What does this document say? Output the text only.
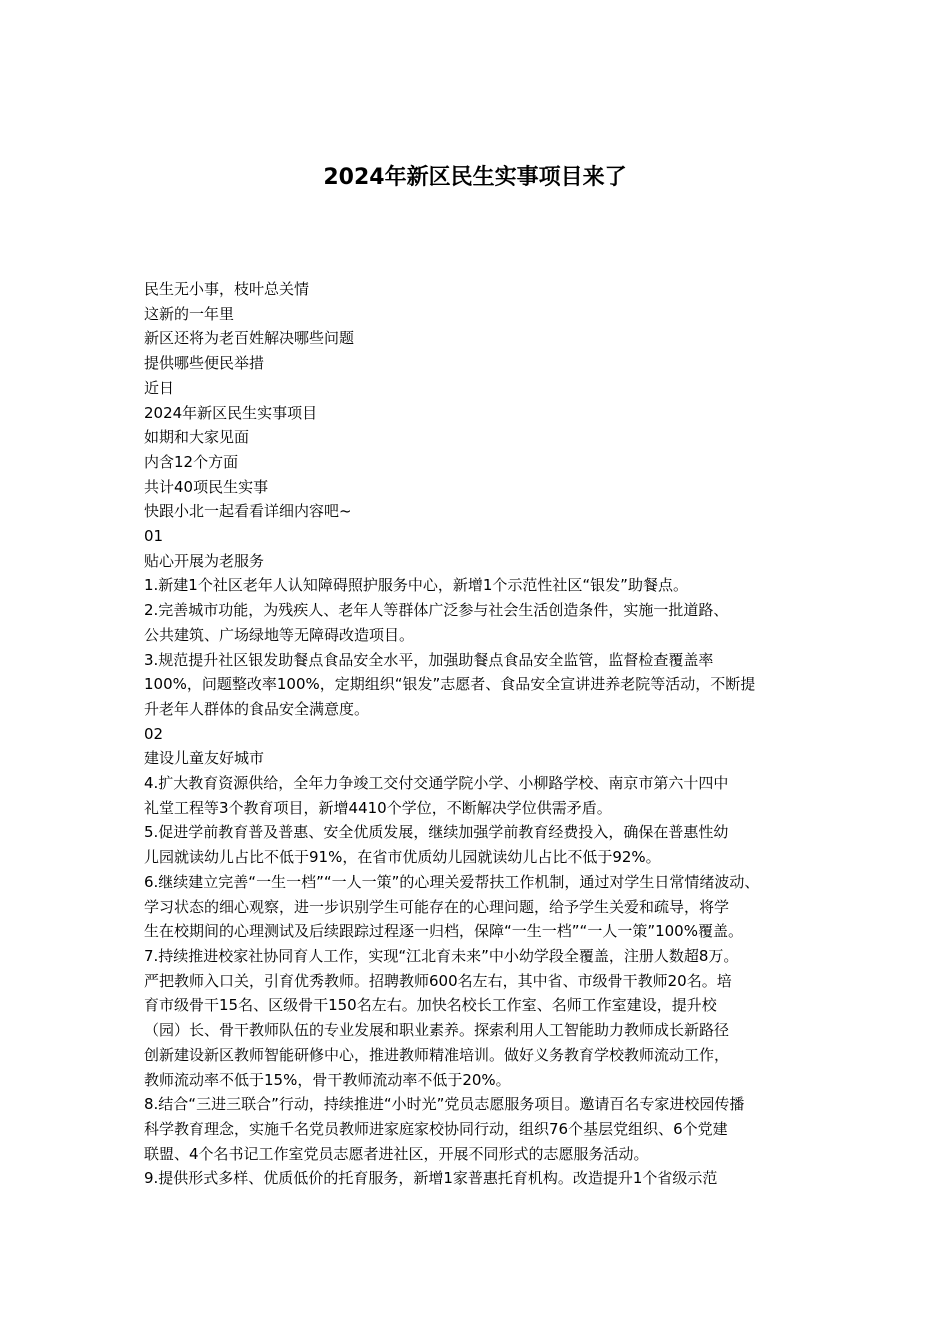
2024年新区民生实事项目来了
民生无小事，枝叶总关情
这新的一年里
新区还将为老百姓解决哪些问题
提供哪些便民举措
近日
2024年新区民生实事项目
如期和大家见面
内含12个方面
共计40项民生实事
快跟小北一起看看详细内容吧~
01
贴心开展为老服务
1.新建1个社区老年人认知障碍照护服务中心，新增1个示范性社区“银发”助餐点。
2.完善城市功能，为残疾人、老年人等群体广泛参与社会生活创造条件，实施一批道路、
公共建筑、广场绿地等无障碍改造项目。
3.规范提升社区银发助餐点食品安全水平，加强助餐点食品安全监管，监督检查覆盖率
100%，问题整改率100%，定期组织“银发”志愿者、食品安全宣讲进养老院等活动，不断提
升老年人群体的食品安全满意度。
02
建设儿童友好城市
4.扩大教育资源供给，全年力争竣工交付交通学院小学、小柳路学校、南京市第六十四中
礼堂工程等3个教育项目，新增4410个学位，不断解决学位供需矛盾。
5.促进学前教育普及普惠、安全优质发展，继续加强学前教育经费投入，确保在普惠性幼
儿园就读幼儿占比不低于91%，在省市优质幼儿园就读幼儿占比不低于92%。
6.继续建立完善“一生一档”“一人一策”的心理关爱帮扶工作机制，通过对学生日常情绪波动、
学习状态的细心观察，进一步识别学生可能存在的心理问题，给予学生关爱和疏导，将学
生在校期间的心理测试及后续跟踪过程逐一归档，保障“一生一档”“一人一策”100%覆盖。
7.持续推进校家社协同育人工作，实现“江北育未来”中小幼学段全覆盖，注册人数超8万。
严把教师入口关，引育优秀教师。招聘教师600名左右，其中省、市级骨干教师20名。培
育市级骨干15名、区级骨干150名左右。加快名校长工作室、名师工作室建设，提升校
（园）长、骨干教师队伍的专业发展和职业素养。探索利用人工智能助力教师成长新路径
创新建设新区教师智能研修中心，推进教师精准培训。做好义务教育学校教师流动工作，
教师流动率不低于15%，骨干教师流动率不低于20%。
8.结合“三进三联合”行动，持续推进“小时光”党员志愿服务项目。邀请百名专家进校园传播
科学教育理念，实施千名党员教师进家庭家校协同行动，组织76个基层党组织、6个党建
联盟、4个名书记工作室党员志愿者进社区，开展不同形式的志愿服务活动。
9.提供形式多样、优质低价的托育服务，新增1家普惠托育机构。改造提升1个省级示范
